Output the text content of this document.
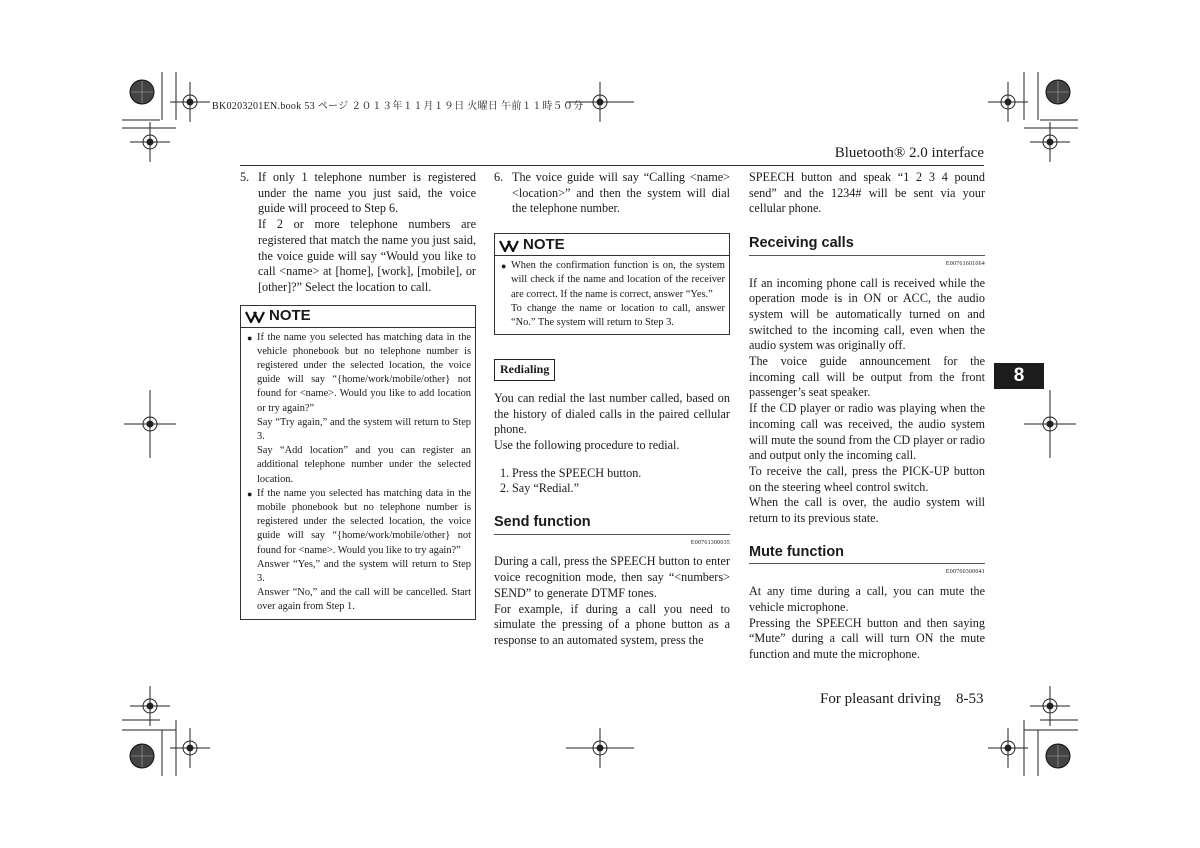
BK0203201EN.book 53 ページ ２０１３年１１月１９日 火曜日 午前１１時５０分
Bluetooth® 2.0 interface
5. If only 1 telephone number is registered under the name you just said, the voice guide will proceed to Step 6.

If 2 or more telephone numbers are registered that match the name you just said, the voice guide will say “Would you like to call <name> at [home], [work], [mobile], or [other]?” Select the location to call.

NOTE
● If the name you selected has matching data in the vehicle phonebook but no telephone number is registered under the selected location, the voice guide will say “{home/work/mobile/other} not found for <name>. Would you like to add location or try again?”
Say “Try again,” and the system will return to Step 3.
Say “Add location” and you can register an additional telephone number under the selected location.
● If the name you selected has matching data in the mobile phonebook but no telephone number is registered under the selected location, the voice guide will say “{home/work/mobile/other} not found for <name>. Would you like to try again?”
Answer “Yes,” and the system will return to Step 3.
Answer “No,” and the call will be cancelled. Start over again from Step 1.
6. The voice guide will say “Calling <name> <location>” and then the system will dial the telephone number.
NOTE
● When the confirmation function is on, the system will check if the name and location of the receiver are correct. If the name is correct, answer “Yes.”
To change the name or location to call, answer “No.” The system will return to Step 3.
Redialing

You can redial the last number called, based on the history of dialed calls in the paired cellular phone.

Use the following procedure to redial.

1. Press the SPEECH button.
2. Say “Redial.”
Send function
E00761300035

During a call, press the SPEECH button to enter voice recognition mode, then say “<numbers> SEND” to generate DTMF tones.

For example, if during a call you need to simulate the pressing of a phone button as a response to an automated system, press the

SPEECH button and speak “1 2 3 4 pound send” and the 1234# will be sent via your cellular phone.

Receiving calls
E00761601064

If an incoming phone call is received while the operation mode is in ON or ACC, the audio system will be automatically turned on and switched to the incoming call, even when the audio system was originally off.

The voice guide announcement for the incoming call will be output from the front passenger’s seat speaker.

If the CD player or radio was playing when the incoming call was received, the audio system will mute the sound from the CD player or radio and output only the incoming call.

To receive the call, press the PICK-UP button on the steering wheel control switch.

When the call is over, the audio system will return to its previous state.

Mute function
E00760300041

At any time during a call, you can mute the vehicle microphone.

Pressing the SPEECH button and then saying “Mute” during a call will turn ON the mute function and mute the microphone.

8
For pleasant driving 8-53
